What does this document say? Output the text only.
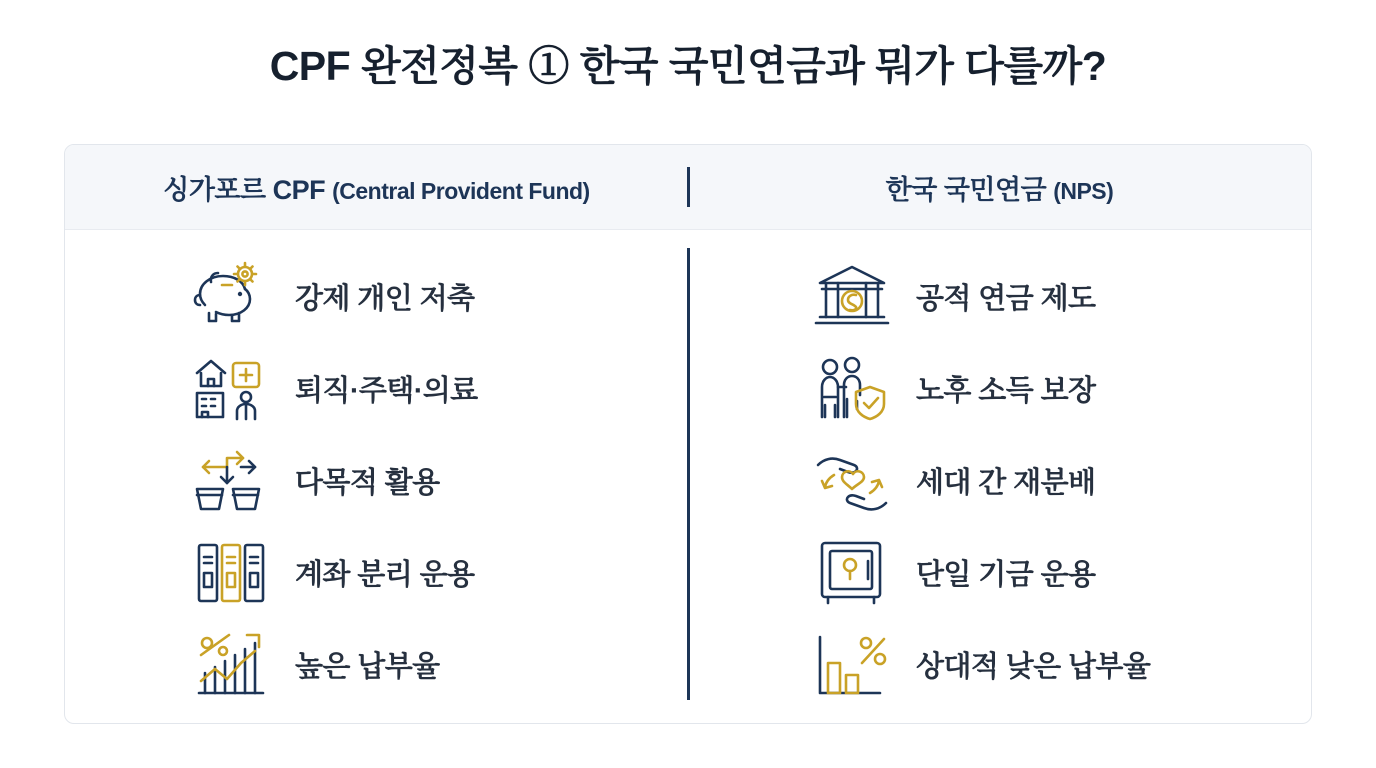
CPF 완전정복 ① 한국 국민연금과 뭐가 다를까?
싱가포르 CPF (Central Provident Fund)	한국 국민연금 (NPS)
강제 개인 저축
퇴직·주택·의료
다목적 활용
계좌 분리 운용
높은 납부율
공적 연금 제도
노후 소득 보장
세대 간 재분배
단일 기금 운용
상대적 낮은 납부율
